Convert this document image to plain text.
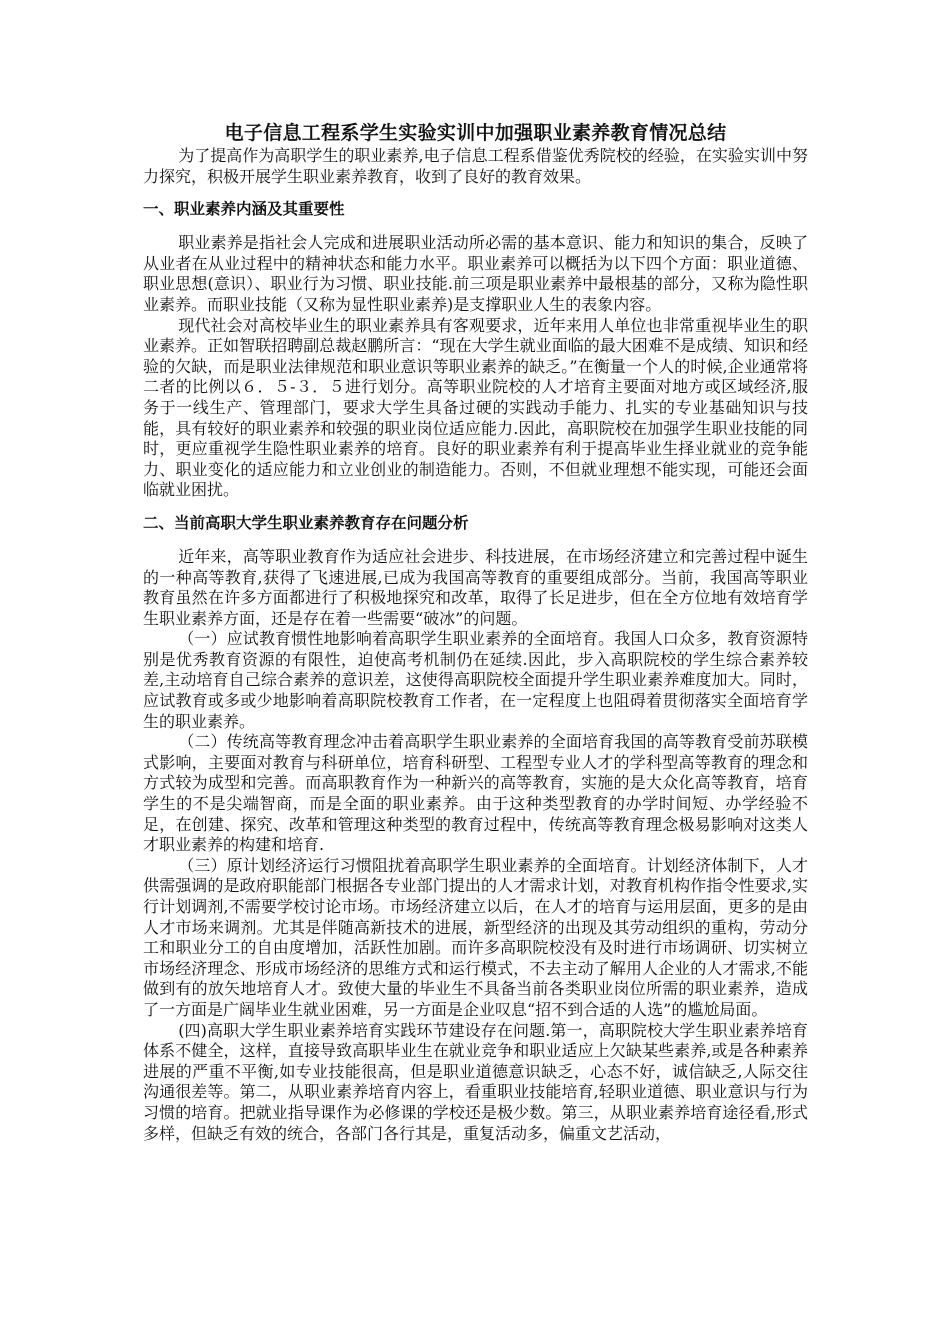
电子信息工程系学生实验实训中加强职业素养教育情况总结

为了提高作为高职学生的职业素养,电子信息工程系借鉴优秀院校的经验，在实验实训中努力探究，积极开展学生职业素养教育，收到了良好的教育效果。

一、职业素养内涵及其重要性

职业素养是指社会人完成和进展职业活动所必需的基本意识、能力和知识的集合，反映了从业者在从业过程中的精神状态和能力水平。职业素养可以概括为以下四个方面：职业道德、职业思想(意识）、职业行为习惯、职业技能.前三项是职业素养中最根基的部分，又称为隐性职业素养。而职业技能（又称为显性职业素养)是支撑职业人生的表象内容。

现代社会对高校毕业生的职业素养具有客观要求，近年来用人单位也非常重视毕业生的职业素养。正如智联招聘副总裁赵鹏所言：“现在大学生就业面临的最大困难不是成绩、知识和经验的欠缺，而是职业法律规范和职业意识等职业素养的缺乏。”在衡量一个人的时候,企业通常将二者的比例以６．５-３．５进行划分。高等职业院校的人才培育主要面对地方或区域经济,服务于一线生产、管理部门，要求大学生具备过硬的实践动手能力、扎实的专业基础知识与技能，具有较好的职业素养和较强的职业岗位适应能力.因此，高职院校在加强学生职业技能的同时，更应重视学生隐性职业素养的培育。良好的职业素养有利于提高毕业生择业就业的竞争能力、职业变化的适应能力和立业创业的制造能力。否则，不但就业理想不能实现，可能还会面临就业困扰。

二、当前高职大学生职业素养教育存在问题分析

近年来，高等职业教育作为适应社会进步、科技进展，在市场经济建立和完善过程中诞生的一种高等教育,获得了飞速进展,已成为我国高等教育的重要组成部分。当前，我国高等职业教育虽然在许多方面都进行了积极地探究和改革，取得了长足进步，但在全方位地有效培育学生职业素养方面，还是存在着一些需要“破冰”的问题。

（一）应试教育惯性地影响着高职学生职业素养的全面培育。我国人口众多，教育资源特别是优秀教育资源的有限性，迫使高考机制仍在延续.因此，步入高职院校的学生综合素养较差,主动培育自己综合素养的意识差，这使得高职院校全面提升学生职业素养难度加大。同时，应试教育或多或少地影响着高职院校教育工作者，在一定程度上也阻碍着贯彻落实全面培育学生的职业素养。

（二）传统高等教育理念冲击着高职学生职业素养的全面培育我国的高等教育受前苏联模式影响，主要面对教育与科研单位，培育科研型、工程型专业人才的学科型高等教育的理念和方式较为成型和完善。而高职教育作为一种新兴的高等教育，实施的是大众化高等教育，培育学生的不是尖端智商，而是全面的职业素养。由于这种类型教育的办学时间短、办学经验不足，在创建、探究、改革和管理这种类型的教育过程中，传统高等教育理念极易影响对这类人才职业素养的构建和培育.

（三）原计划经济运行习惯阻扰着高职学生职业素养的全面培育。计划经济体制下，人才供需强调的是政府职能部门根据各专业部门提出的人才需求计划，对教育机构作指令性要求,实行计划调剂,不需要学校讨论市场。市场经济建立以后，在人才的培育与运用层面，更多的是由人才市场来调剂。尤其是伴随高新技术的进展，新型经济的出现及其劳动组织的重构，劳动分工和职业分工的自由度增加，活跃性加剧。而许多高职院校没有及时进行市场调研、切实树立市场经济理念、形成市场经济的思维方式和运行模式，不去主动了解用人企业的人才需求,不能做到有的放矢地培育人才。致使大量的毕业生不具备当前各类职业岗位所需的职业素养，造成了一方面是广阔毕业生就业困难，另一方面是企业叹息“招不到合适的人选”的尴尬局面。

(四)高职大学生职业素养培育实践环节建设存在问题.第一，高职院校大学生职业素养培育体系不健全，这样，直接导致高职毕业生在就业竞争和职业适应上欠缺某些素养,或是各种素养进展的严重不平衡,如专业技能很高，但是职业道德意识缺乏，心态不好，诚信缺乏,人际交往沟通很差等。第二，从职业素养培育内容上，看重职业技能培育,轻职业道德、职业意识与行为习惯的培育。把就业指导课作为必修课的学校还是极少数。第三，从职业素养培育途径看,形式多样，但缺乏有效的统合，各部门各行其是，重复活动多，偏重文艺活动，
